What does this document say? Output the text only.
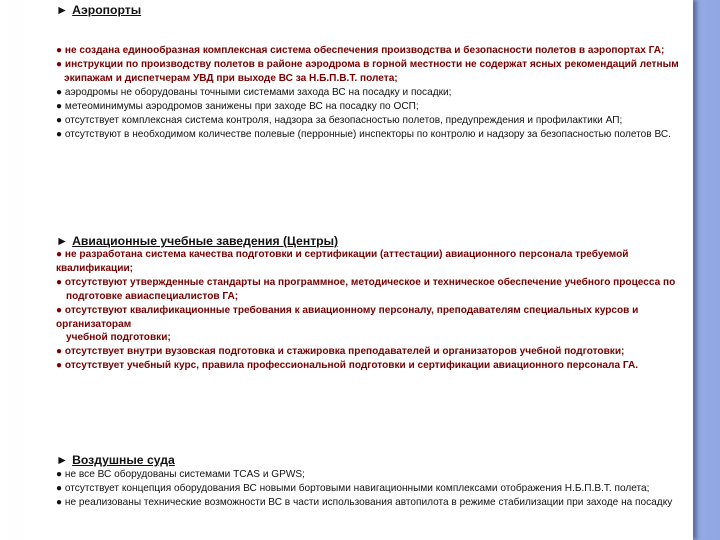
► Аэропорты

● не создана единообразная комплексная система обеспечения производства и безопасности полетов в аэропортах ГА;

● инструкции по производству полетов в районе аэродрома в горной местности не содержат ясных рекомендаций летным

экипажам и диспетчерам УВД при выходе ВС за Н.Б.П.В.Т. полета;

● аэродромы не оборудованы точными системами захода ВС на посадку и посадки;

● метеоминимумы аэродромов занижены при заходе ВС на посадку по ОСП;

● отсутствует комплексная система контроля, надзора за безопасностью полетов, предупреждения и профилактики АП;

● отсутствуют в необходимом количестве полевые (перронные) инспекторы по контролю и надзору за безопасностью полетов ВС.

► Авиационные учебные заведения (Центры)

● не разработана система качества подготовки и сертификации (аттестации) авиационного персонала требуемой квалификации;

● отсутствуют утвержденные стандарты на программное, методическое и техническое обеспечение учебного процесса по

подготовке авиаспециалистов ГА;

● отсутствуют квалификационные требования к авиационному персоналу, преподавателям специальных курсов и организаторам

учебной подготовки;

● отсутствует внутри вузовская подготовка и стажировка преподавателей и организаторов учебной подготовки;

● отсутствует учебный курс, правила профессиональной подготовки и сертификации авиационного персонала ГА.

► Воздушные суда

● не все ВС оборудованы системами TCAS и GPWS;

● отсутствует концепция оборудования ВС новыми бортовыми навигационными комплексами отображения Н.Б.П.В.Т. полета;

● не реализованы технические возможности ВС в части использования автопилота в режиме стабилизации при заходе на посадку
